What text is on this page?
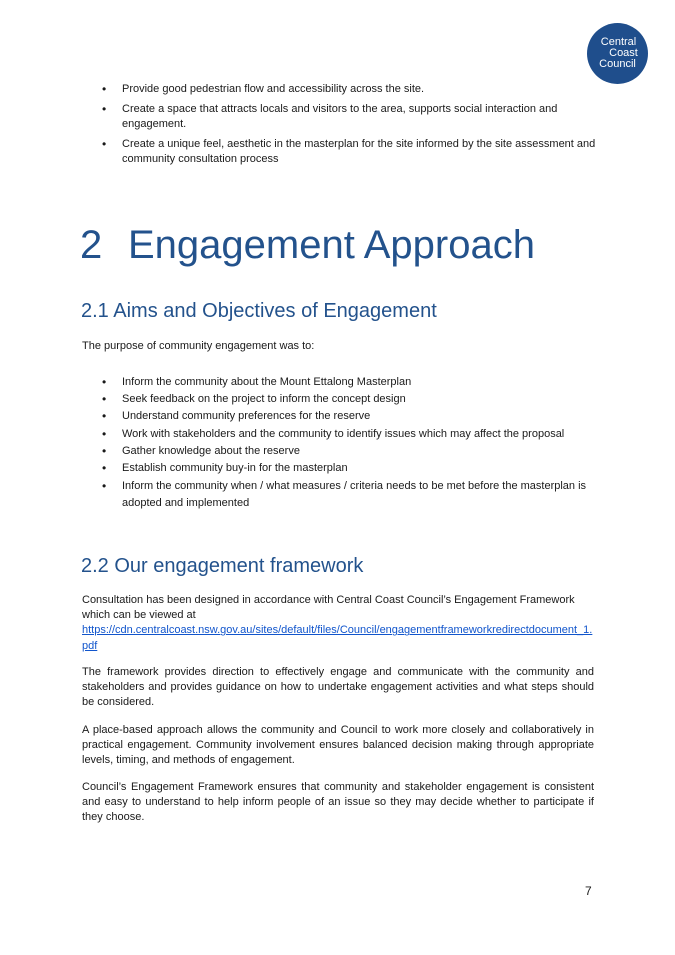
Central
Coast
Council
• Provide good pedestrian flow and accessibility across the site.
• Create a space that attracts locals and visitors to the area, supports social interaction and engagement.
• Create a unique feel, aesthetic in the masterplan for the site informed by the site assessment and community consultation process
2 Engagement Approach
2.1 Aims and Objectives of Engagement

The purpose of community engagement was to:

• Inform the community about the Mount Ettalong Masterplan
• Seek feedback on the project to inform the concept design
• Understand community preferences for the reserve
• Work with stakeholders and the community to identify issues which may affect the proposal
• Gather knowledge about the reserve
• Establish community buy-in for the masterplan
• Inform the community when / what measures / criteria needs to be met before the masterplan is adopted and implemented
2.2 Our engagement framework

Consultation has been designed in accordance with Central Coast Council’s Engagement Framework which can be viewed at
https://cdn.centralcoast.nsw.gov.au/sites/default/files/Council/engagementframeworkredirectdocument_1.pdf

The framework provides direction to effectively engage and communicate with the community and stakeholders and provides guidance on how to undertake engagement activities and what steps should be considered.

A place-based approach allows the community and Council to work more closely and collaboratively in practical engagement. Community involvement ensures balanced decision making through appropriate levels, timing, and methods of engagement.

Council’s Engagement Framework ensures that community and stakeholder engagement is consistent and easy to understand to help inform people of an issue so they may decide whether to participate if they choose.

7
